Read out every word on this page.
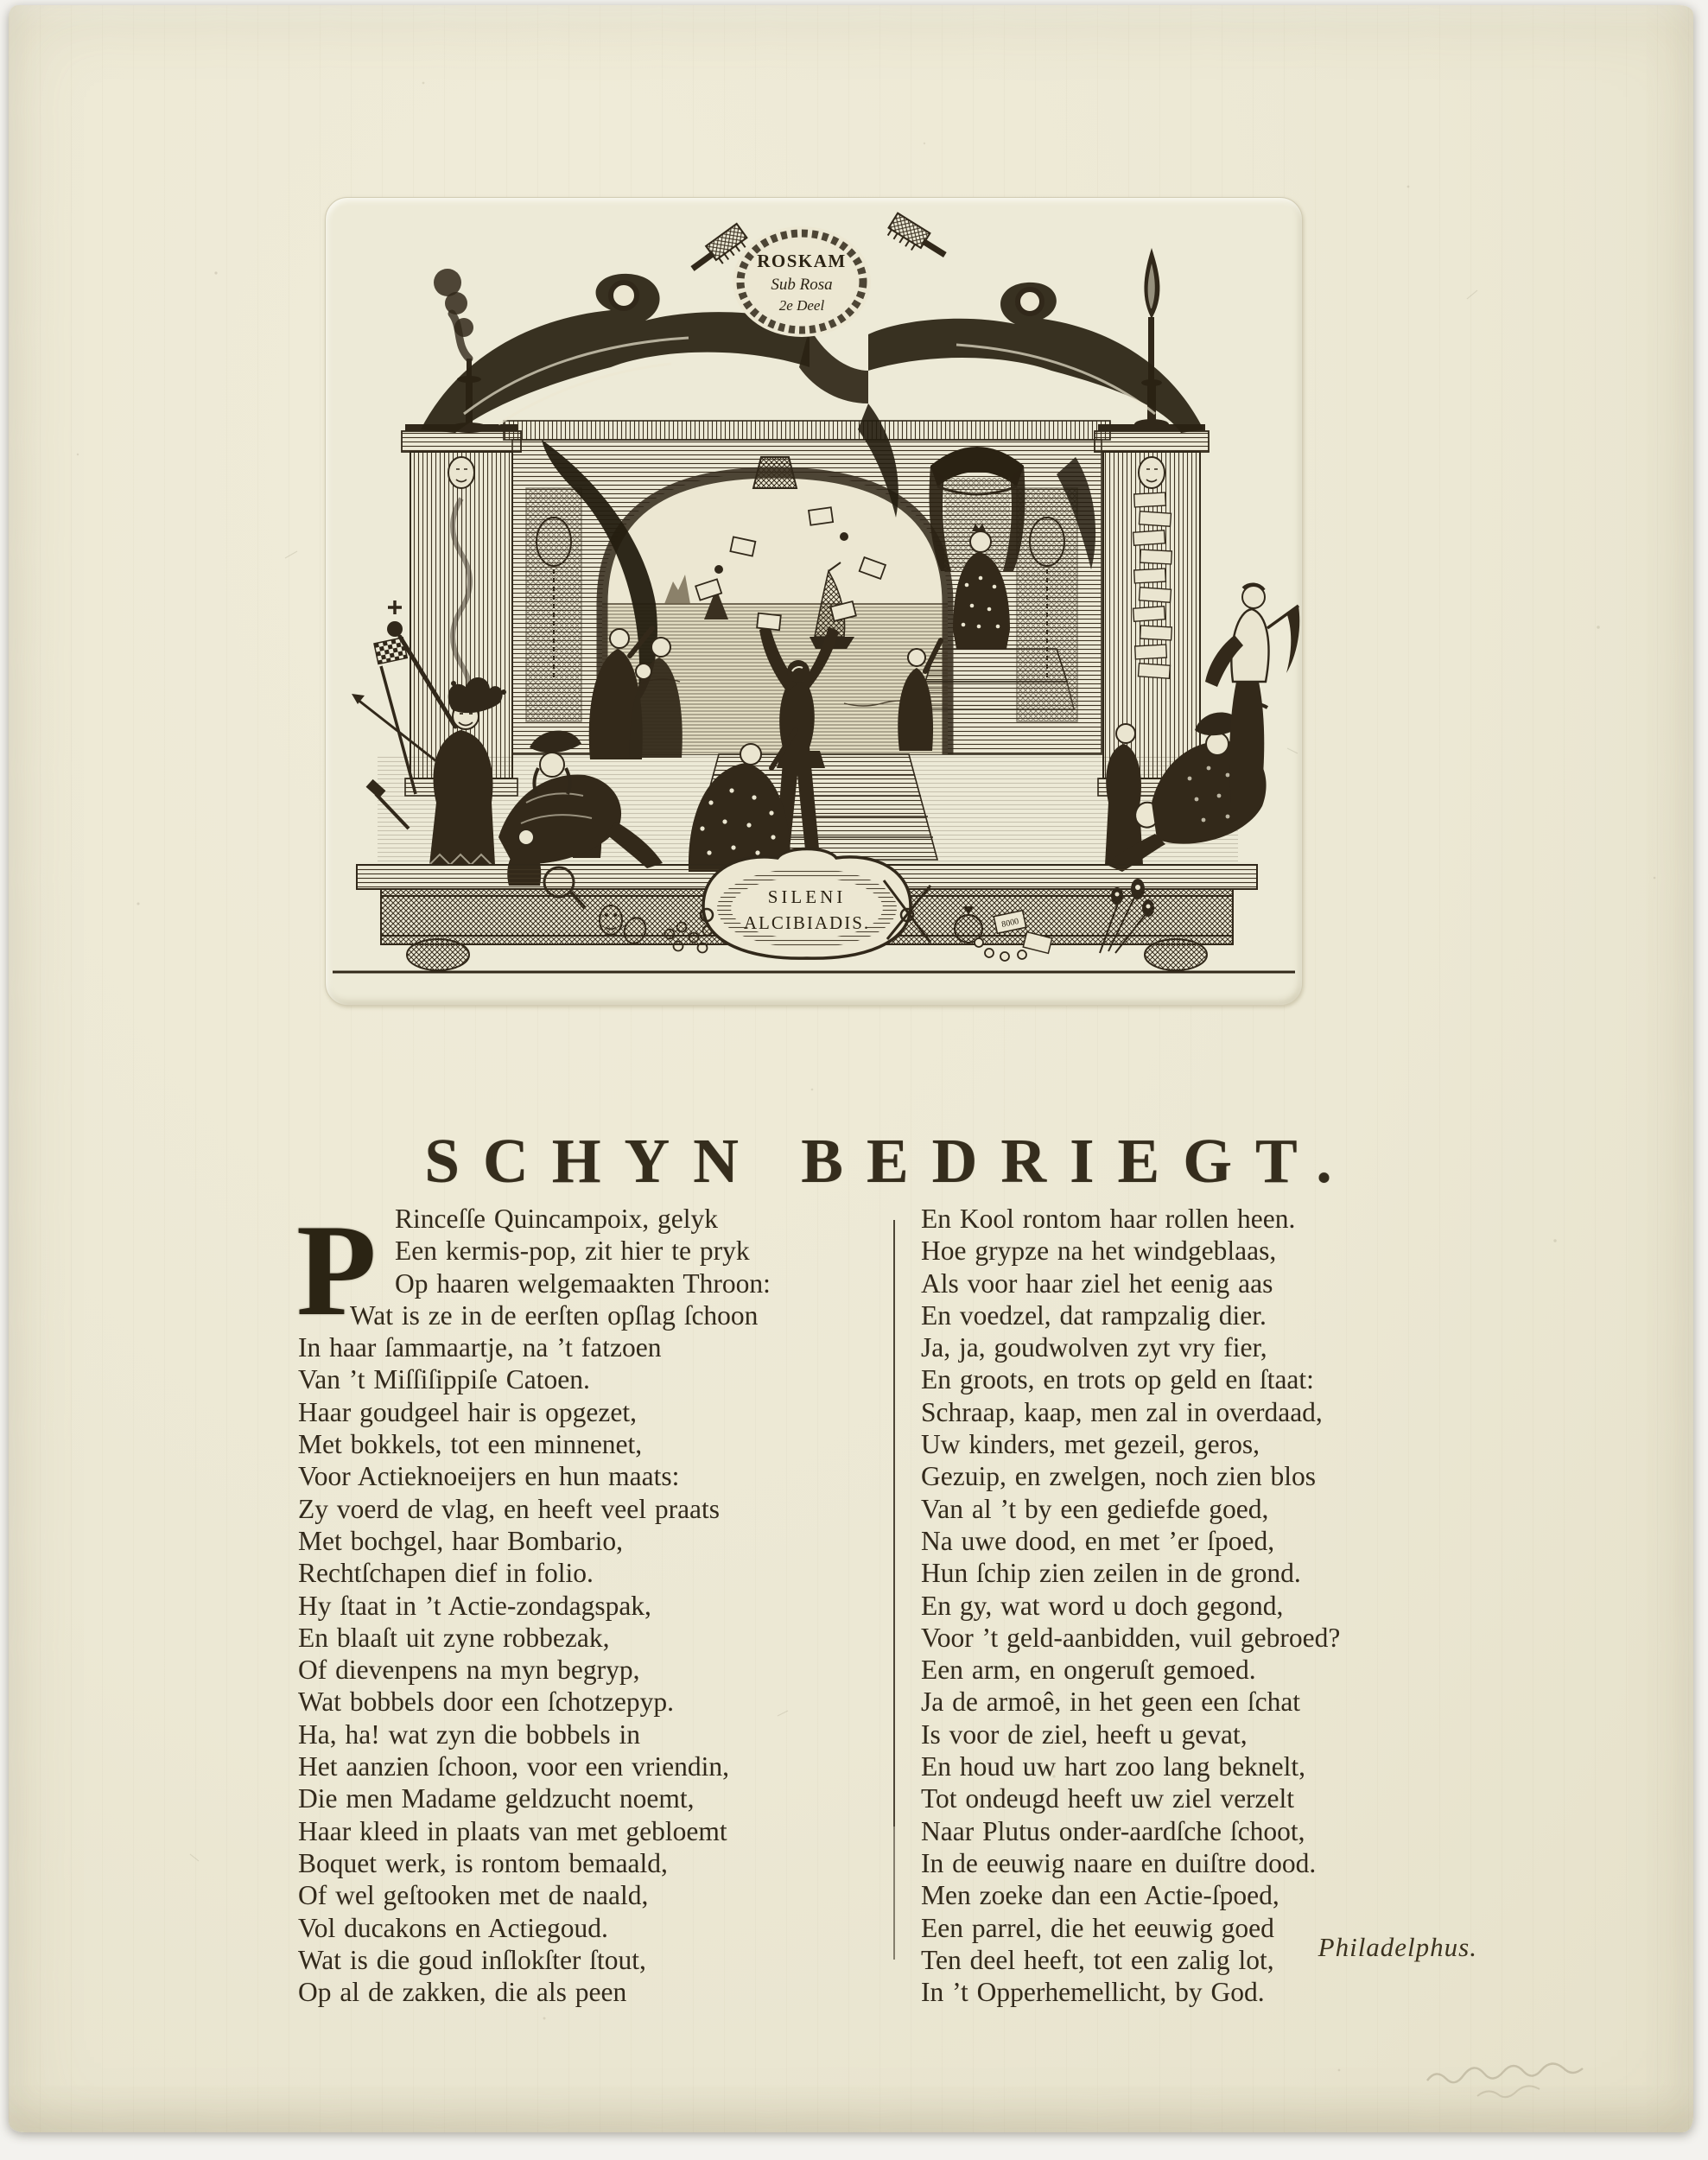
ROSKAM
Sub Rosa
2e Deel
SILENI
ALCIBIADIS.	8000
SCHYN BEDRIEGT.
P Rinceſſe Quincampoix, gelyk
Een kermis-pop, zit hier te pryk
Op haaren welgemaakten Throon:
Wat is ze in de eerſten opſlag ſchoon
In haar ſammaartje, na ’t fatzoen
Van ’t Miſſiſippiſe Catoen.
Haar goudgeel hair is opgezet,
Met bokkels, tot een minnenet,
Voor Actieknoeijers en hun maats:
Zy voerd de vlag, en heeft veel praats
Met bochgel, haar Bombario,
Rechtſchapen dief in folio.
Hy ſtaat in ’t Actie-zondagspak,
En blaaſt uit zyne robbezak,
Of dievenpens na myn begryp,
Wat bobbels door een ſchotzepyp.
Ha, ha! wat zyn die bobbels in
Het aanzien ſchoon, voor een vriendin,
Die men Madame geldzucht noemt,
Haar kleed in plaats van met gebloemt
Boquet werk, is rontom bemaald,
Of wel geſtooken met de naald,
Vol ducakons en Actiegoud.
Wat is die goud inſlokſter ſtout,
Op al de zakken, die als peen
En Kool rontom haar rollen heen.
Hoe grypze na het windgeblaas,
Als voor haar ziel het eenig aas
En voedzel, dat rampzalig dier.
Ja, ja, goudwolven zyt vry fier,
En groots, en trots op geld en ſtaat:
Schraap, kaap, men zal in overdaad,
Uw kinders, met gezeil, geros,
Gezuip, en zwelgen, noch zien blos
Van al ’t by een gediefde goed,
Na uwe dood, en met ’er ſpoed,
Hun ſchip zien zeilen in de grond.
En gy, wat word u doch gegond,
Voor ’t geld-aanbidden, vuil gebroed?
Een arm, en ongeruſt gemoed.
Ja de armoê, in het geen een ſchat
Is voor de ziel, heeft u gevat,
En houd uw hart zoo lang beknelt,
Tot ondeugd heeft uw ziel verzelt
Naar Plutus onder-aardſche ſchoot,
In de eeuwig naare en duiſtre dood.
Men zoeke dan een Actie-ſpoed,
Een parrel, die het eeuwig goed
Ten deel heeft, tot een zalig lot,
In ’t Opperhemellicht, by God.
Philadelphus.
